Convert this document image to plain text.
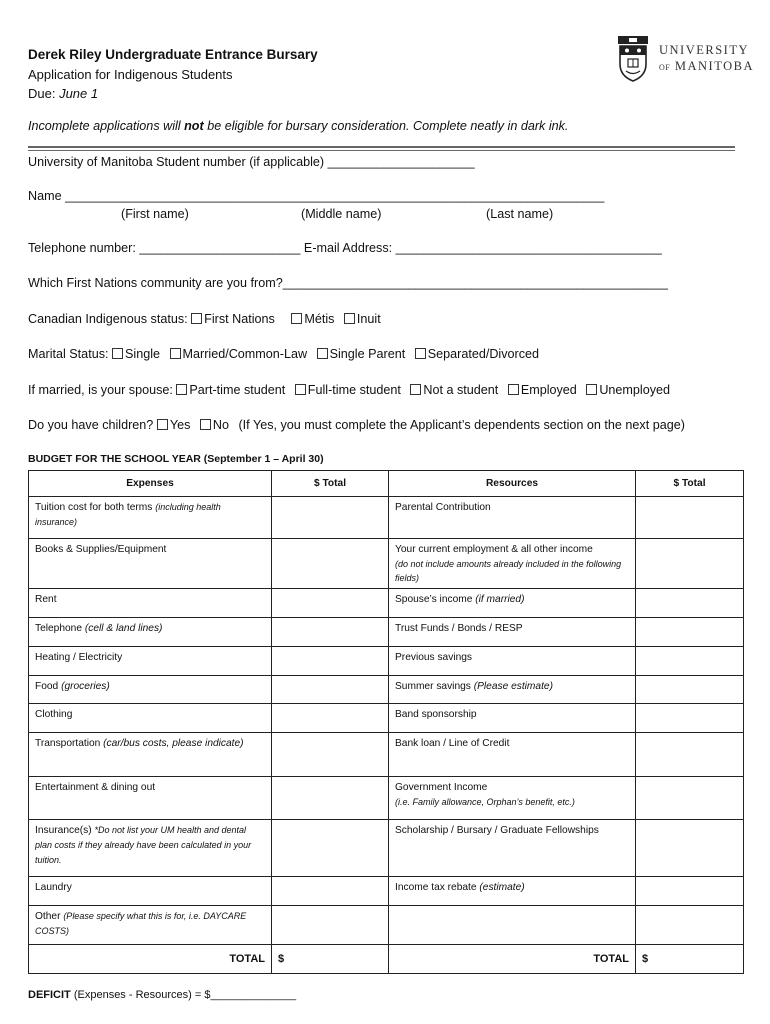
Derek Riley Undergraduate Entrance Bursary
Application for Indigenous Students
Due: June 1
UNIVERSITY
OF MANITOBA
Incomplete applications will not be eligible for bursary consideration. Complete neatly in dark ink.
University of Manitoba Student number (if applicable) _____________________
Name _____________________________________________________________________________
(First name)	(Middle name)	(Last name)
Telephone number: _______________________ E-mail Address: ______________________________________
Which First Nations community are you from?_______________________________________________________
Canadian Indigenous status: First Nations Métis Inuit
Marital Status: Single Married/Common-Law Single Parent Separated/Divorced
If married, is your spouse: Part-time student Full-time student Not a student Employed Unemployed
Do you have children? Yes No (If Yes, you must complete the Applicant’s dependents section on the next page)
BUDGET FOR THE SCHOOL YEAR (September 1 – April 30)
Expenses	$ Total	Resources	$ Total
Tuition cost for both terms (including health insurance)		Parental Contribution	
Books & Supplies/Equipment		Your current employment & all other income
(do not include amounts already included in the following fields)	

Rent		Spouse’s income (if married)	
Telephone (cell & land lines)		Trust Funds / Bonds / RESP	
Heating / Electricity		Previous savings	
Food (groceries)		Summer savings (Please estimate)	
Clothing		Band sponsorship	
Transportation (car/bus costs, please indicate)		Bank loan / Line of Credit	
Entertainment & dining out		Government Income
(i.e. Family allowance, Orphan’s benefit, etc.)	

Insurance(s) *Do not list your UM health and dental plan costs if they already have been calculated in your tuition.		Scholarship / Bursary / Graduate Fellowships	
Laundry		Income tax rebate (estimate)	
Other (Please specify what this is for, i.e. DAYCARE COSTS)			
TOTAL	$	TOTAL	$
DEFICIT (Expenses - Resources) = $______________
